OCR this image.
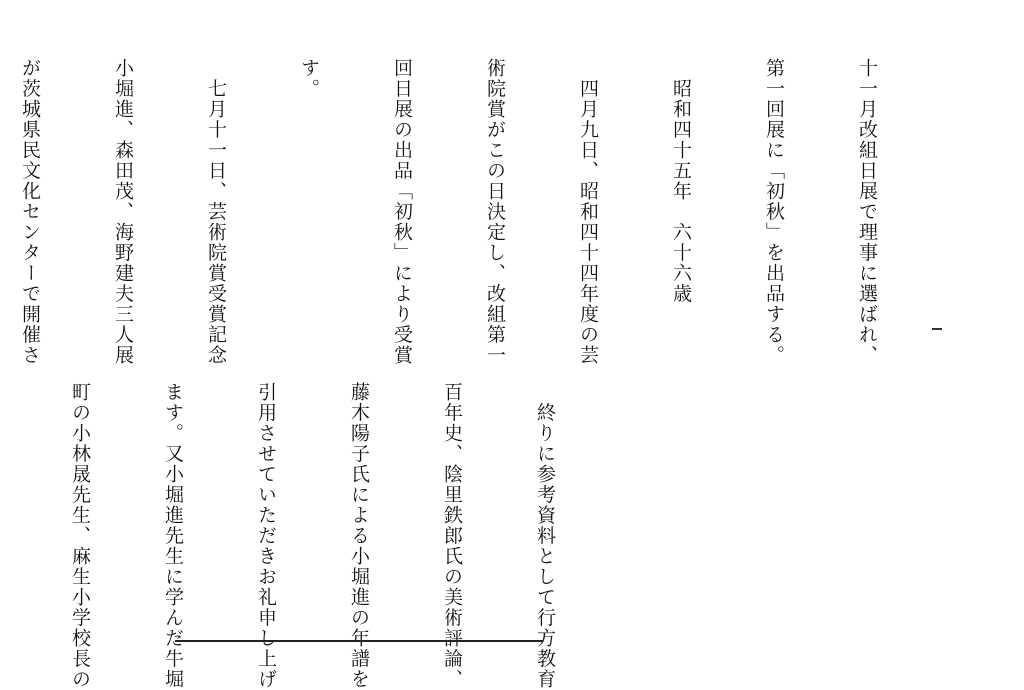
十一月改組日展で理事に選ばれ、

第一回展に「初秋」を出品する。

　昭和四十五年　六十六歳

　四月九日、昭和四十四年度の芸

術院賞がこの日決定し、改組第一

回日展の出品「初秋」により受賞

す。

　七月十一日、芸術院賞受賞記念

小堀進、森田茂、海野建夫三人展

が茨城県民文化センターで開催さ

　終りに参考資料として行方教育

百年史、陰里鉄郎氏の美術評論、

藤木陽子氏による小堀進の年譜を

引用させていただきお礼申し上げ

ます。又小堀進先生に学んだ牛堀

町の小林晟先生、麻生小学校長の
